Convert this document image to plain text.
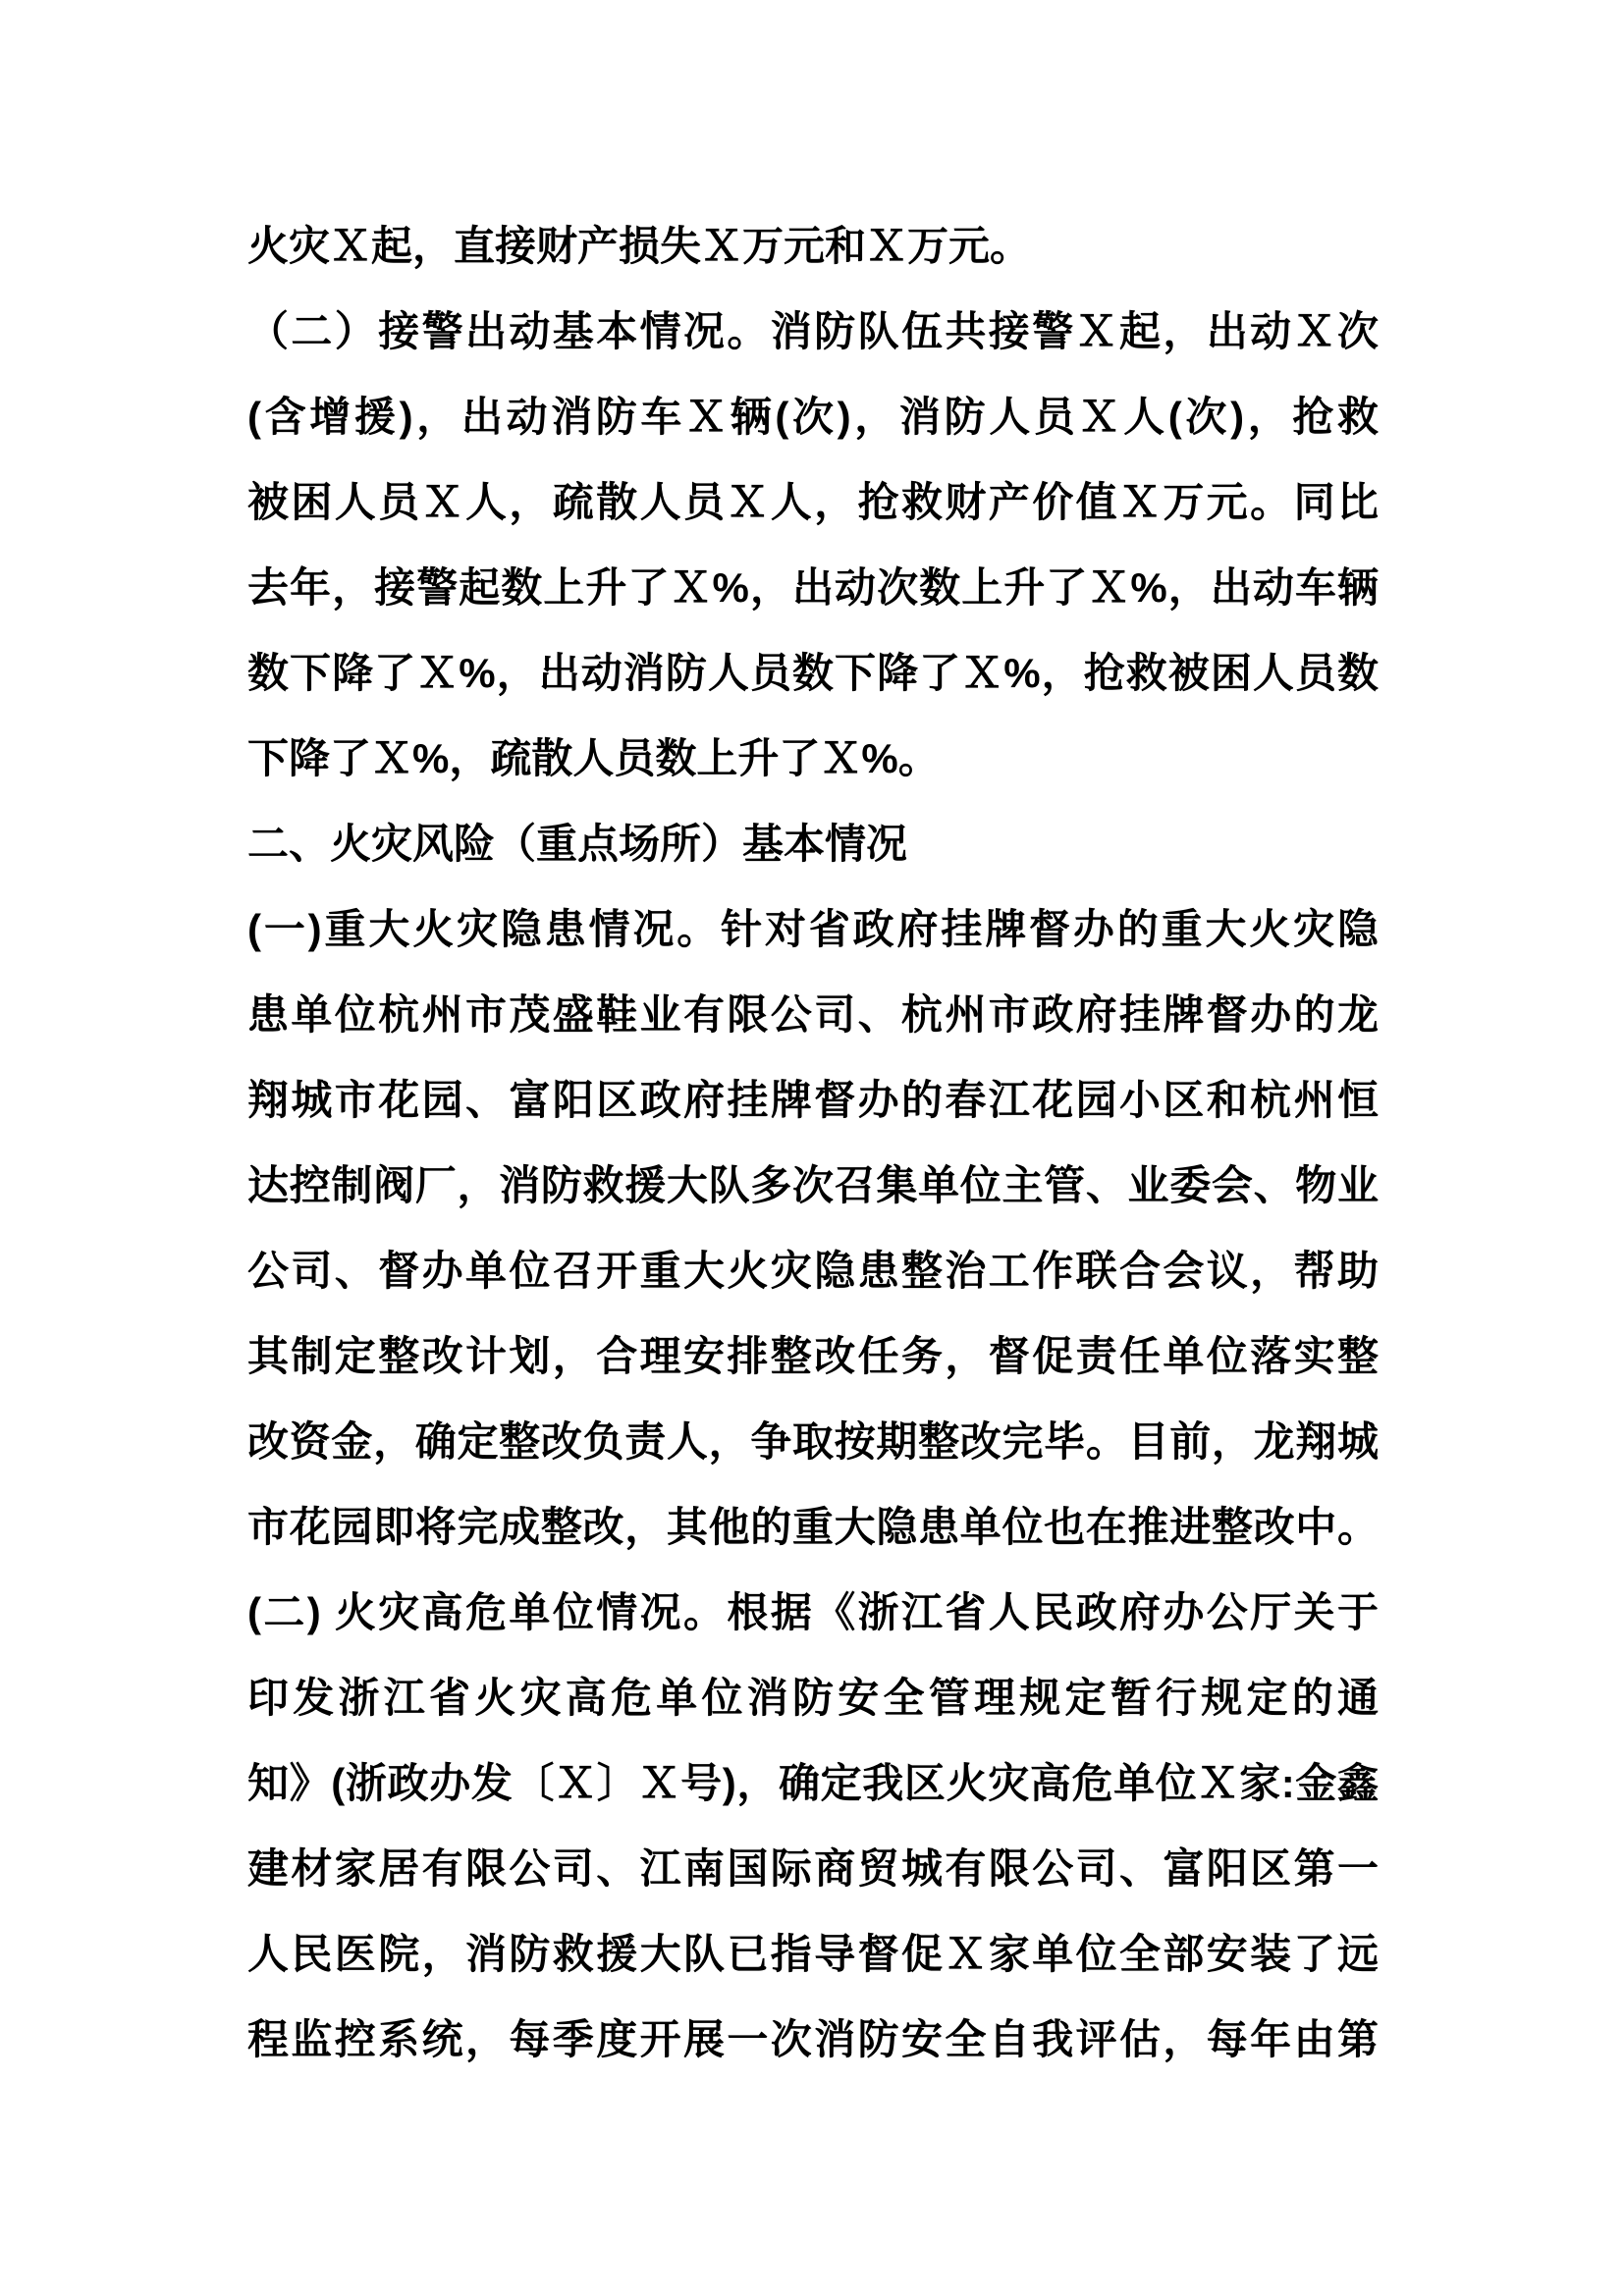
火灾Ｘ起，直接财产损失Ｘ万元和Ｘ万元。
（二）接警出动基本情况。消防队伍共接警Ｘ起，出动Ｘ次
(含增援)，出动消防车Ｘ辆(次)，消防人员Ｘ人(次)，抢救
被困人员Ｘ人，疏散人员Ｘ人，抢救财产价值Ｘ万元。同比
去年，接警起数上升了Ｘ%，出动次数上升了Ｘ%，出动车辆
数下降了Ｘ%，出动消防人员数下降了Ｘ%，抢救被困人员数
下降了Ｘ%，疏散人员数上升了Ｘ%。
二、火灾风险（重点场所）基本情况
(一)重大火灾隐患情况。针对省政府挂牌督办的重大火灾隐
患单位杭州市茂盛鞋业有限公司、杭州市政府挂牌督办的龙
翔城市花园、富阳区政府挂牌督办的春江花园小区和杭州恒
达控制阀厂，消防救援大队多次召集单位主管、业委会、物业
公司、督办单位召开重大火灾隐患整治工作联合会议，帮助
其制定整改计划，合理安排整改任务，督促责任单位落实整
改资金，确定整改负责人，争取按期整改完毕。目前，龙翔城
市花园即将完成整改，其他的重大隐患单位也在推进整改中。
(二) 火灾高危单位情况。根据《浙江省人民政府办公厅关于
印发浙江省火灾高危单位消防安全管理规定暂行规定的通
知》(浙政办发〔Ｘ〕Ｘ号)，确定我区火灾高危单位Ｘ家:金鑫
建材家居有限公司、江南国际商贸城有限公司、富阳区第一
人民医院，消防救援大队已指导督促Ｘ家单位全部安装了远
程监控系统，每季度开展一次消防安全自我评估，每年由第
